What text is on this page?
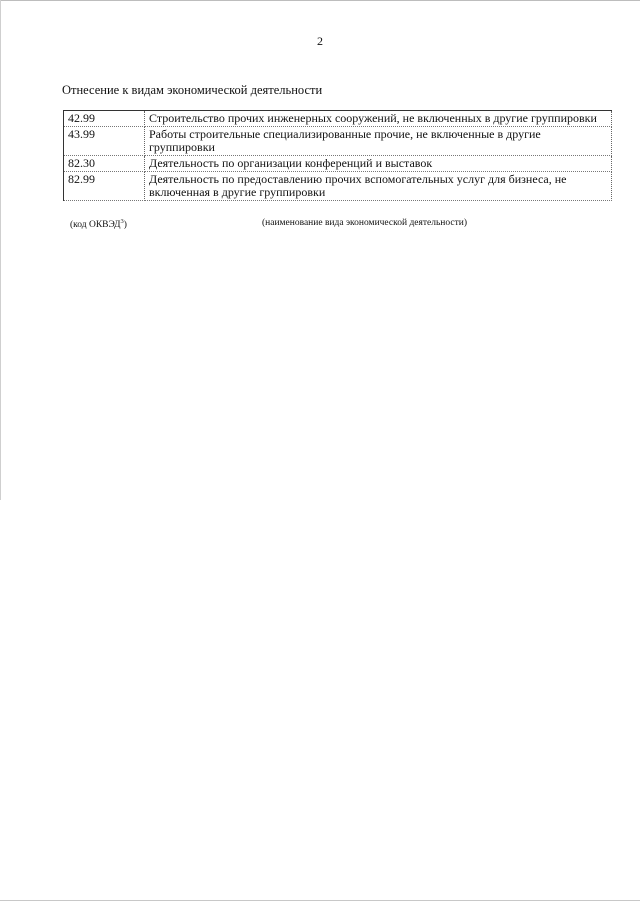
2
Отнесение к видам экономической деятельности
42.99	Строительство прочих инженерных сооружений, не включенных в другие группировки
43.99	Работы строительные специализированные прочие, не включенные в другие группировки
82.30	Деятельность по организации конференций и выставок
82.99	Деятельность по предоставлению прочих вспомогательных услуг для бизнеса, не включенная в другие группировки
(код ОКВЭД$^3$)	(наименование вида экономической деятельности)
